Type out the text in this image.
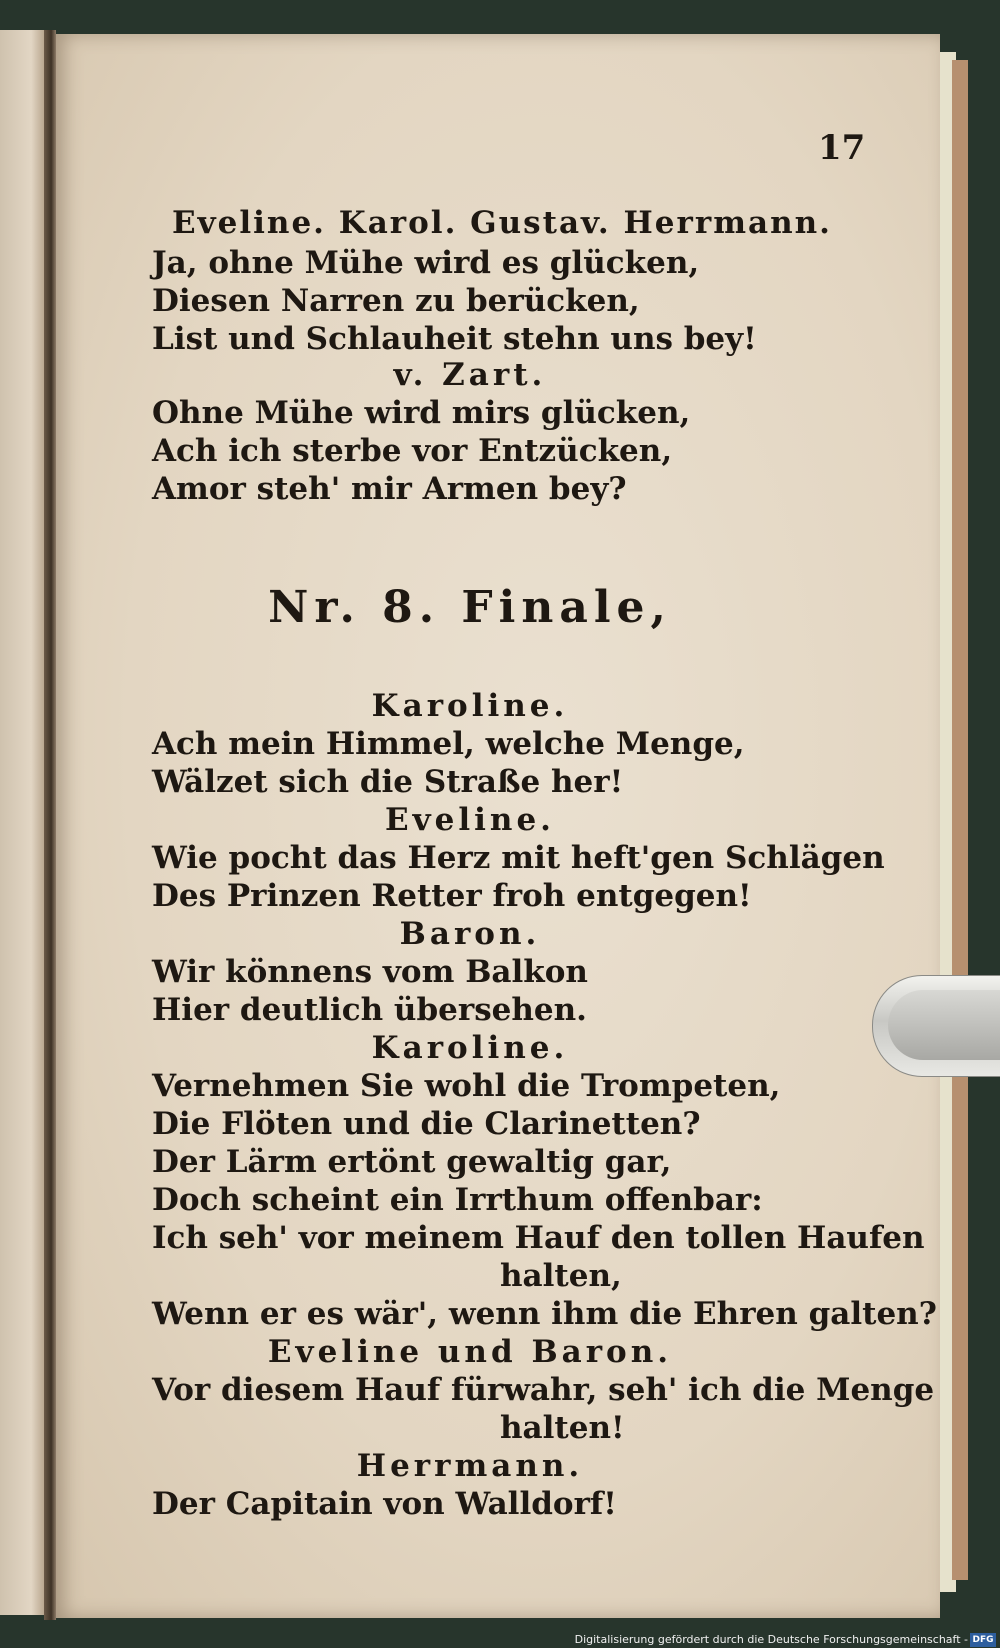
17
Eveline. Karol. Gustav. Herrmann.
Ja, ohne Mühe wird es glücken,
Diesen Narren zu berücken,
List und Schlauheit stehn uns bey!
v. Zart.
Ohne Mühe wird mirs glücken,
Ach ich sterbe vor Entzücken,
Amor steh' mir Armen bey?
Nr. 8. Finale,
Karoline.
Ach mein Himmel, welche Menge,
Wälzet sich die Straße her!
Eveline.
Wie pocht das Herz mit heft'gen Schlägen
Des Prinzen Retter froh entgegen!
Baron.
Wir könnens vom Balkon
Hier deutlich übersehen.
Karoline.
Vernehmen Sie wohl die Trompeten,
Die Flöten und die Clarinetten?
Der Lärm ertönt gewaltig gar,
Doch scheint ein Irrthum offenbar:
Ich seh' vor meinem Hauf den tollen Haufen
halten,
Wenn er es wär', wenn ihm die Ehren galten?
Eveline und Baron.
Vor diesem Hauf fürwahr, seh' ich die Menge
halten!
Herrmann.
Der Capitain von Walldorf!
Digitalisierung gefördert durch die Deutsche Forschungsgemeinschaft - DFG
